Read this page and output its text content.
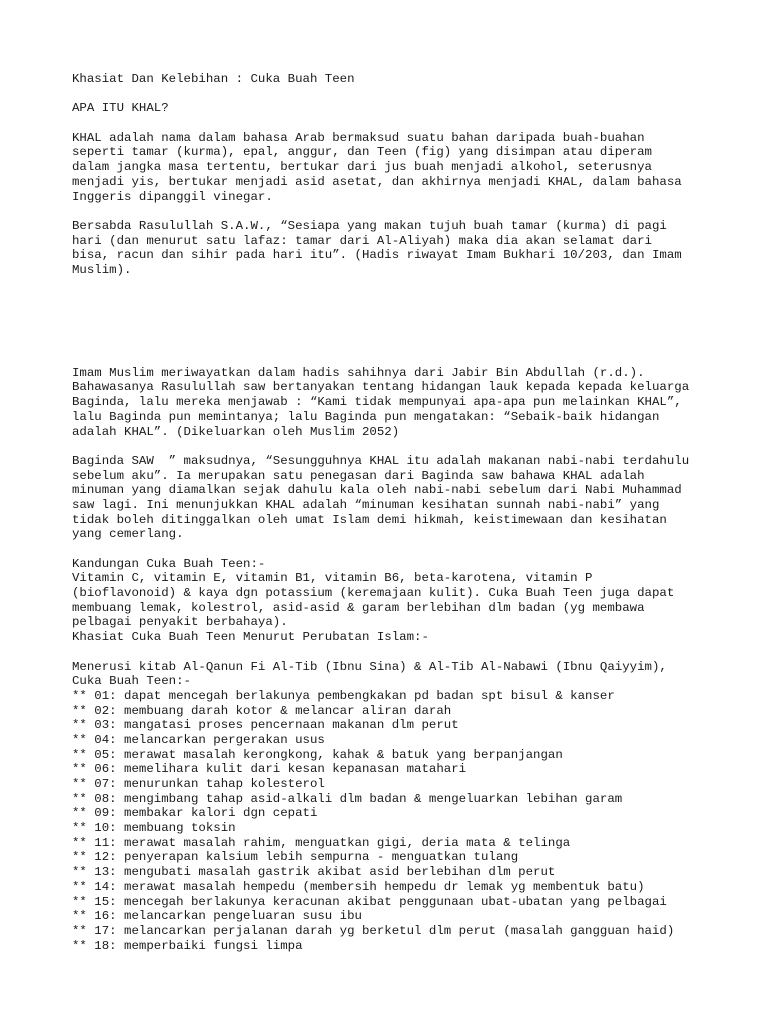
Khasiat Dan Kelebihan : Cuka Buah Teen
APA ITU KHAL?
KHAL adalah nama dalam bahasa Arab bermaksud suatu bahan daripada buah-buahan
seperti tamar (kurma), epal, anggur, dan Teen (fig) yang disimpan atau diperam
dalam jangka masa tertentu, bertukar dari jus buah menjadi alkohol, seterusnya
menjadi yis, bertukar menjadi asid asetat, dan akhirnya menjadi KHAL, dalam bahasa
Inggeris dipanggil vinegar.
Bersabda Rasulullah S.A.W., “Sesiapa yang makan tujuh buah tamar (kurma) di pagi
hari (dan menurut satu lafaz: tamar dari Al-Aliyah) maka dia akan selamat dari
bisa, racun dan sihir pada hari itu”. (Hadis riwayat Imam Bukhari 10/203, dan Imam
Muslim).
Imam Muslim meriwayatkan dalam hadis sahihnya dari Jabir Bin Abdullah (r.d.).
Bahawasanya Rasulullah saw bertanyakan tentang hidangan lauk kepada kepada keluarga
Baginda, lalu mereka menjawab : “Kami tidak mempunyai apa-apa pun melainkan KHAL”,
lalu Baginda pun memintanya; lalu Baginda pun mengatakan: “Sebaik-baik hidangan
adalah KHAL”. (Dikeluarkan oleh Muslim 2052)
Baginda SAW  ” maksudnya, “Sesungguhnya KHAL itu adalah makanan nabi-nabi terdahulu
sebelum aku”. Ia merupakan satu penegasan dari Baginda saw bahawa KHAL adalah
minuman yang diamalkan sejak dahulu kala oleh nabi-nabi sebelum dari Nabi Muhammad
saw lagi. Ini menunjukkan KHAL adalah “minuman kesihatan sunnah nabi-nabi” yang
tidak boleh ditinggalkan oleh umat Islam demi hikmah, keistimewaan dan kesihatan
yang cemerlang.
Kandungan Cuka Buah Teen:-
Vitamin C, vitamin E, vitamin B1, vitamin B6, beta-karotena, vitamin P
(bioflavonoid) & kaya dgn potassium (keremajaan kulit). Cuka Buah Teen juga dapat
membuang lemak, kolestrol, asid-asid & garam berlebihan dlm badan (yg membawa
pelbagai penyakit berbahaya).
Khasiat Cuka Buah Teen Menurut Perubatan Islam:-
Menerusi kitab Al-Qanun Fi Al-Tib (Ibnu Sina) & Al-Tib Al-Nabawi (Ibnu Qaiyyim),
Cuka Buah Teen:-
** 01: dapat mencegah berlakunya pembengkakan pd badan spt bisul & kanser
** 02: membuang darah kotor & melancar aliran darah
** 03: mangatasi proses pencernaan makanan dlm perut
** 04: melancarkan pergerakan usus
** 05: merawat masalah kerongkong, kahak & batuk yang berpanjangan
** 06: memelihara kulit dari kesan kepanasan matahari
** 07: menurunkan tahap kolesterol
** 08: mengimbang tahap asid-alkali dlm badan & mengeluarkan lebihan garam
** 09: membakar kalori dgn cepati
** 10: membuang toksin
** 11: merawat masalah rahim, menguatkan gigi, deria mata & telinga
** 12: penyerapan kalsium lebih sempurna - menguatkan tulang
** 13: mengubati masalah gastrik akibat asid berlebihan dlm perut
** 14: merawat masalah hempedu (membersih hempedu dr lemak yg membentuk batu)
** 15: mencegah berlakunya keracunan akibat penggunaan ubat-ubatan yang pelbagai
** 16: melancarkan pengeluaran susu ibu
** 17: melancarkan perjalanan darah yg berketul dlm perut (masalah gangguan haid)
** 18: memperbaiki fungsi limpa
